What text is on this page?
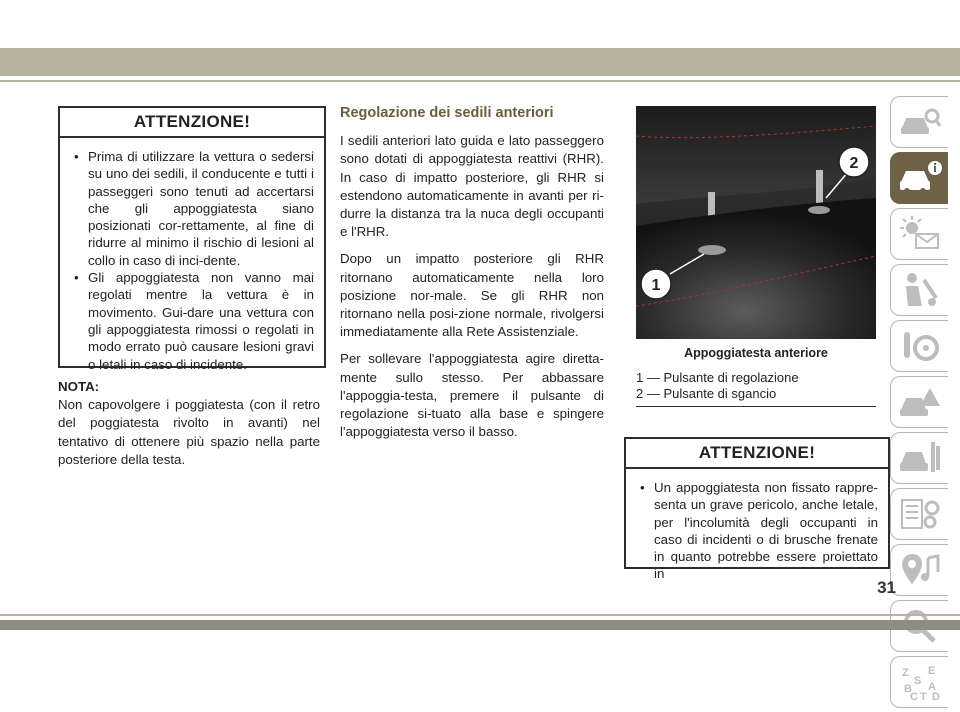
ATTENZIONE!
• Prima di utilizzare la vettura o sedersi su uno dei sedili, il conducente e tutti i passeggeri sono tenuti ad accertarsi che gli appoggiatesta siano posizionati cor-rettamente, al fine di ridurre al minimo il rischio di lesioni al collo in caso di inci-dente.
• Gli appoggiatesta non vanno mai regolati mentre la vettura è in movimento. Gui-dare una vettura con gli appoggiatesta rimossi o regolati in modo errato può causare lesioni gravi o letali in caso di incidente.

NOTA:

Non capovolgere i poggiatesta (con il retro del poggiatesta rivolto in avanti) nel tentativo di ottenere più spazio nella parte posteriore della testa.

Regolazione dei sedili anteriori

I sedili anteriori lato guida e lato passeggero sono dotati di appoggiatesta reattivi (RHR). In caso di impatto posteriore, gli RHR si estendono automaticamente in avanti per ri-durre la distanza tra la nuca degli occupanti e l'RHR.

Dopo un impatto posteriore gli RHR ritornano automaticamente nella loro posizione nor-male. Se gli RHR non ritornano nella posi-zione normale, rivolgersi immediatamente alla Rete Assistenziale.

Per sollevare l'appoggiatesta agire diretta-mente sullo stesso. Per abbassare l'appoggia-testa, premere il pulsante di regolazione si-tuato alla base e spingere l'appoggiatesta verso il basso.

1
2
Appoggiatesta anteriore
1 — Pulsante di regolazione
2 — Pulsante di sgancio
ATTENZIONE!
• Un appoggiatesta non fissato rappre-senta un grave pericolo, anche letale, per l'incolumità degli occupanti in caso di incidenti o di brusche frenate in quanto potrebbe essere proiettato in
Z E
S
B A
C T D
31
